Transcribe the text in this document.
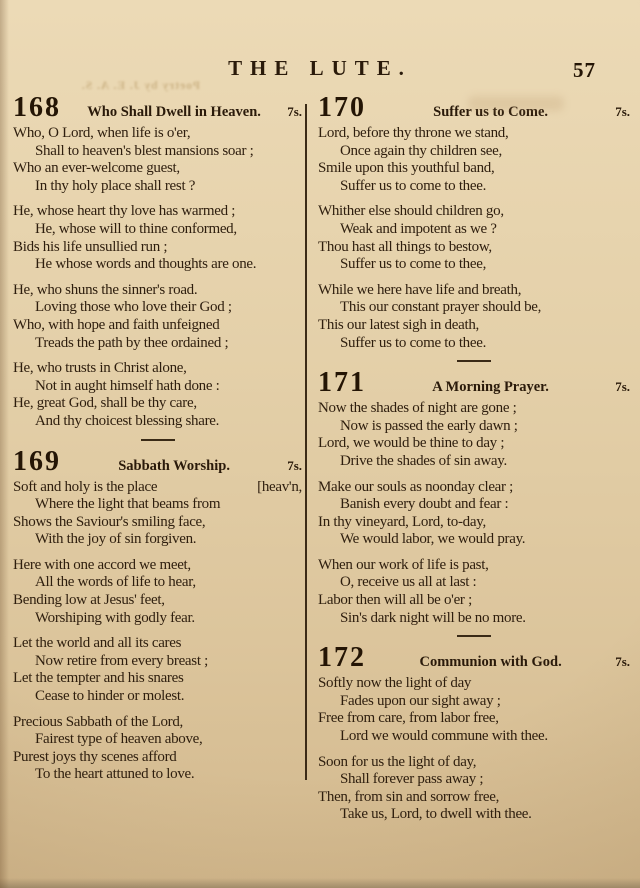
Poetry by J. E. A. S.
THE LUTE.	57
168	Who Shall Dwell in Heaven.	7s.
Who, O Lord, when life is o'er,
Shall to heaven's blest mansions soar ;
Who an ever-welcome guest,
In thy holy place shall rest ?
He, whose heart thy love has warmed ;
He, whose will to thine conformed,
Bids his life unsullied run ;
He whose words and thoughts are one.
He, who shuns the sinner's road.
Loving those who love their God ;
Who, with hope and faith unfeigned
Treads the path by thee ordained ;
He, who trusts in Christ alone,
Not in aught himself hath done :
He, great God, shall be thy care,
And thy choicest blessing share.
169	Sabbath Worship.	7s.
Soft and holy is the place	[heav'n,
Where the light that beams from
Shows the Saviour's smiling face,
With the joy of sin forgiven.
Here with one accord we meet,
All the words of life to hear,
Bending low at Jesus' feet,
Worshiping with godly fear.
Let the world and all its cares
Now retire from every breast ;
Let the tempter and his snares
Cease to hinder or molest.
Precious Sabbath of the Lord,
Fairest type of heaven above,
Purest joys thy scenes afford
To the heart attuned to love.
170	Suffer us to Come.	7s.
Lord, before thy throne we stand,
Once again thy children see,
Smile upon this youthful band,
Suffer us to come to thee.
Whither else should children go,
Weak and impotent as we ?
Thou hast all things to bestow,
Suffer us to come to thee,
While we here have life and breath,
This our constant prayer should be,
This our latest sigh in death,
Suffer us to come to thee.
171	A Morning Prayer.	7s.
Now the shades of night are gone ;
Now is passed the early dawn ;
Lord, we would be thine to day ;
Drive the shades of sin away.
Make our souls as noonday clear ;
Banish every doubt and fear :
In thy vineyard, Lord, to-day,
We would labor, we would pray.
When our work of life is past,
O, receive us all at last :
Labor then will all be o'er ;
Sin's dark night will be no more.
172	Communion with God.	7s.
Softly now the light of day
Fades upon our sight away ;
Free from care, from labor free,
Lord we would commune with thee.
Soon for us the light of day,
Shall forever pass away ;
Then, from sin and sorrow free,
Take us, Lord, to dwell with thee.
